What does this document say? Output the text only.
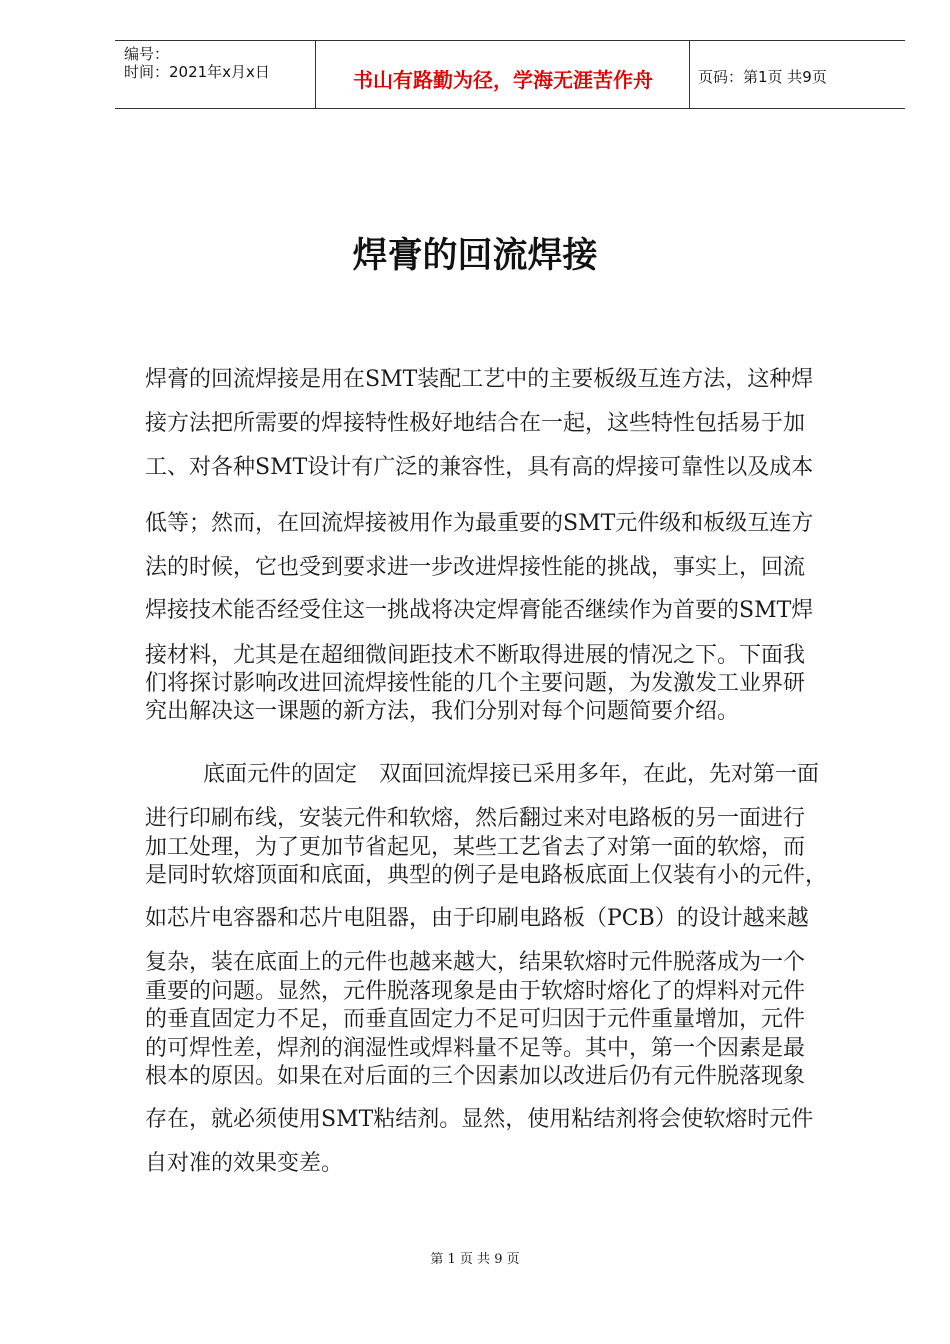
编号：
时间：2021年x月x日	书山有路勤为径，学海无涯苦作舟	页码：第1页 共9页
焊膏的回流焊接
焊膏的回流焊接是用在SMT装配工艺中的主要板级互连方法，这种焊
接方法把所需要的焊接特性极好地结合在一起，这些特性包括易于加
工、对各种SMT设计有广泛的兼容性，具有高的焊接可靠性以及成本
低等；然而，在回流焊接被用作为最重要的SMT元件级和板级互连方
法的时候，它也受到要求进一步改进焊接性能的挑战，事实上，回流
焊接技术能否经受住这一挑战将决定焊膏能否继续作为首要的SMT焊
接材料，尤其是在超细微间距技术不断取得进展的情况之下。下面我
们将探讨影响改进回流焊接性能的几个主要问题，为发激发工业界研
究出解决这一课题的新方法，我们分别对每个问题简要介绍。
底面元件的固定　双面回流焊接已采用多年，在此，先对第一面
进行印刷布线，安装元件和软熔，然后翻过来对电路板的另一面进行
加工处理，为了更加节省起见，某些工艺省去了对第一面的软熔，而
是同时软熔顶面和底面，典型的例子是电路板底面上仅装有小的元件，
如芯片电容器和芯片电阻器，由于印刷电路板（PCB）的设计越来越
复杂，装在底面上的元件也越来越大，结果软熔时元件脱落成为一个
重要的问题。显然，元件脱落现象是由于软熔时熔化了的焊料对元件
的垂直固定力不足，而垂直固定力不足可归因于元件重量增加，元件
的可焊性差，焊剂的润湿性或焊料量不足等。其中，第一个因素是最
根本的原因。如果在对后面的三个因素加以改进后仍有元件脱落现象
存在，就必须使用SMT粘结剂。显然，使用粘结剂将会使软熔时元件
自对准的效果变差。
第 1 页 共 9 页
